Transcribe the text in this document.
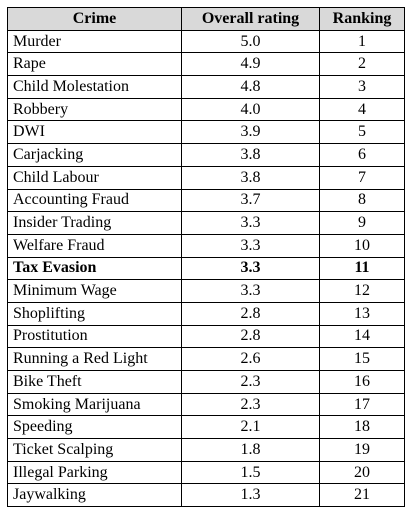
Crime	Overall rating	Ranking
Murder	5.0	1
Rape	4.9	2
Child Molestation	4.8	3
Robbery	4.0	4
DWI	3.9	5
Carjacking	3.8	6
Child Labour	3.8	7
Accounting Fraud	3.7	8
Insider Trading	3.3	9
Welfare Fraud	3.3	10
Tax Evasion	3.3	11
Minimum Wage	3.3	12
Shoplifting	2.8	13
Prostitution	2.8	14
Running a Red Light	2.6	15
Bike Theft	2.3	16
Smoking Marijuana	2.3	17
Speeding	2.1	18
Ticket Scalping	1.8	19
Illegal Parking	1.5	20
Jaywalking	1.3	21
